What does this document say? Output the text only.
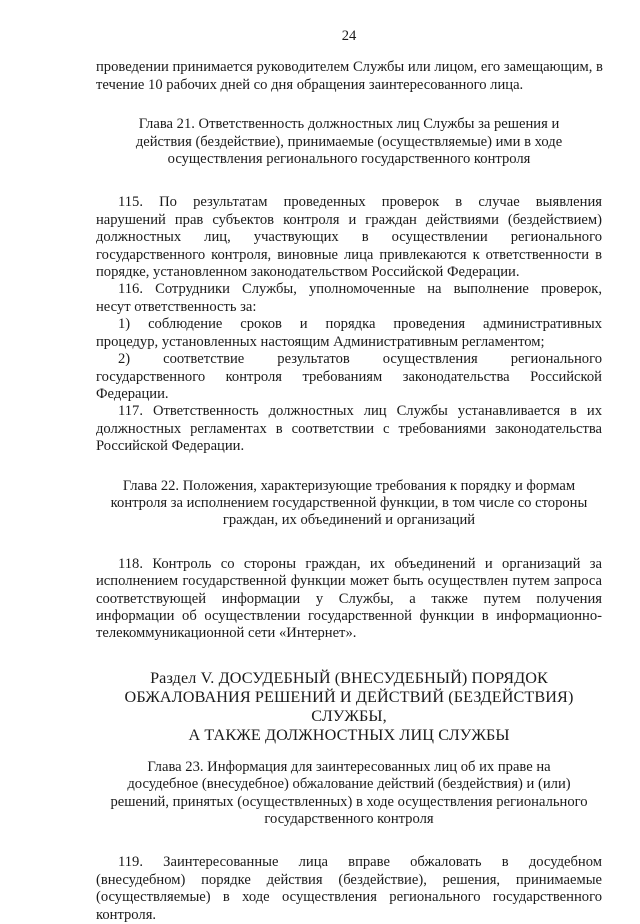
24
проведении принимается руководителем Службы или лицом, его замещающим, в
течение 10 рабочих дней со дня обращения заинтересованного лица.
Глава 21. Ответственность должностных лиц Службы за решения и
действия (бездействие), принимаемые (осуществляемые) ими в ходе
осуществления регионального государственного контроля
115. По результатам проведенных проверок в случае выявления
нарушений прав субъектов контроля и граждан действиями (бездействием)
должностных лиц, участвующих в осуществлении регионального
государственного контроля, виновные лица привлекаются к ответственности в
порядке, установленном законодательством Российской Федерации.
116. Сотрудники Службы, уполномоченные на выполнение проверок,
несут ответственность за:
1) соблюдение сроков и порядка проведения административных
процедур, установленных настоящим Административным регламентом;
2) соответствие результатов осуществления регионального
государственного контроля требованиям законодательства Российской
Федерации.
117. Ответственность должностных лиц Службы устанавливается в их
должностных регламентах в соответствии с требованиями законодательства
Российской Федерации.
Глава 22. Положения, характеризующие требования к порядку и формам
контроля за исполнением государственной функции, в том числе со стороны
граждан, их объединений и организаций
118. Контроль со стороны граждан, их объединений и организаций за
исполнением государственной функции может быть осуществлен путем запроса
соответствующей информации у Службы, а также путем получения
информации об осуществлении государственной функции в информационно-
телекоммуникационной сети «Интернет».
Раздел V. ДОСУДЕБНЫЙ (ВНЕСУДЕБНЫЙ) ПОРЯДОК
ОБЖАЛОВАНИЯ РЕШЕНИЙ И ДЕЙСТВИЙ (БЕЗДЕЙСТВИЯ) СЛУЖБЫ,
А ТАКЖЕ ДОЛЖНОСТНЫХ ЛИЦ СЛУЖБЫ
Глава 23. Информация для заинтересованных лиц об их праве на
досудебное (внесудебное) обжалование действий (бездействия) и (или)
решений, принятых (осуществленных) в ходе осуществления регионального
государственного контроля
119. Заинтересованные лица вправе обжаловать в досудебном
(внесудебном) порядке действия (бездействие), решения, принимаемые
(осуществляемые) в ходе осуществления регионального государственного
контроля.
